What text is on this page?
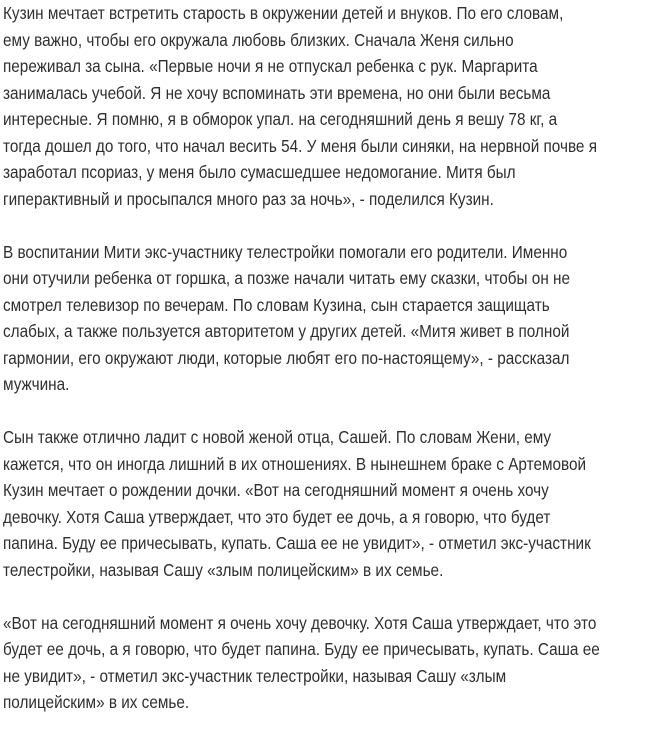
Кузин мечтает встретить старость в окружении детей и внуков. По его словам,
ему важно, чтобы его окружала любовь близких. Сначала Женя сильно
переживал за сына. «Первые ночи я не отпускал ребенка с рук. Маргарита
занималась учебой. Я не хочу вспоминать эти времена, но они были весьма
интересные. Я помню, я в обморок упал. на сегодняшний день я вешу 78 кг, а
тогда дошел до того, что начал весить 54. У меня были синяки, на нервной почве я
заработал псориаз, у меня было сумасшедшее недомогание. Митя был
гиперактивный и просыпался много раз за ночь», - поделился Кузин.

В воспитании Мити экс-участнику телестройки помогали его родители. Именно
они отучили ребенка от горшка, а позже начали читать ему сказки, чтобы он не
смотрел телевизор по вечерам. По словам Кузина, сын старается защищать
слабых, а также пользуется авторитетом у других детей. «Митя живет в полной
гармонии, его окружают люди, которые любят его по-настоящему», - рассказал
мужчина.

Сын также отлично ладит с новой женой отца, Сашей. По словам Жени, ему
кажется, что он иногда лишний в их отношениях. В нынешнем браке с Артемовой
Кузин мечтает о рождении дочки. «Вот на сегодняшний момент я очень хочу
девочку. Хотя Саша утверждает, что это будет ее дочь, а я говорю, что будет
папина. Буду ее причесывать, купать. Саша ее не увидит», - отметил экс-участник
телестройки, называя Сашу «злым полицейским» в их семье.

«Вот на сегодняшний момент я очень хочу девочку. Хотя Саша утверждает, что это
будет ее дочь, а я говорю, что будет папина. Буду ее причесывать, купать. Саша ее
не увидит», - отметил экс-участник телестройки, называя Сашу «злым
полицейским» в их семье.
